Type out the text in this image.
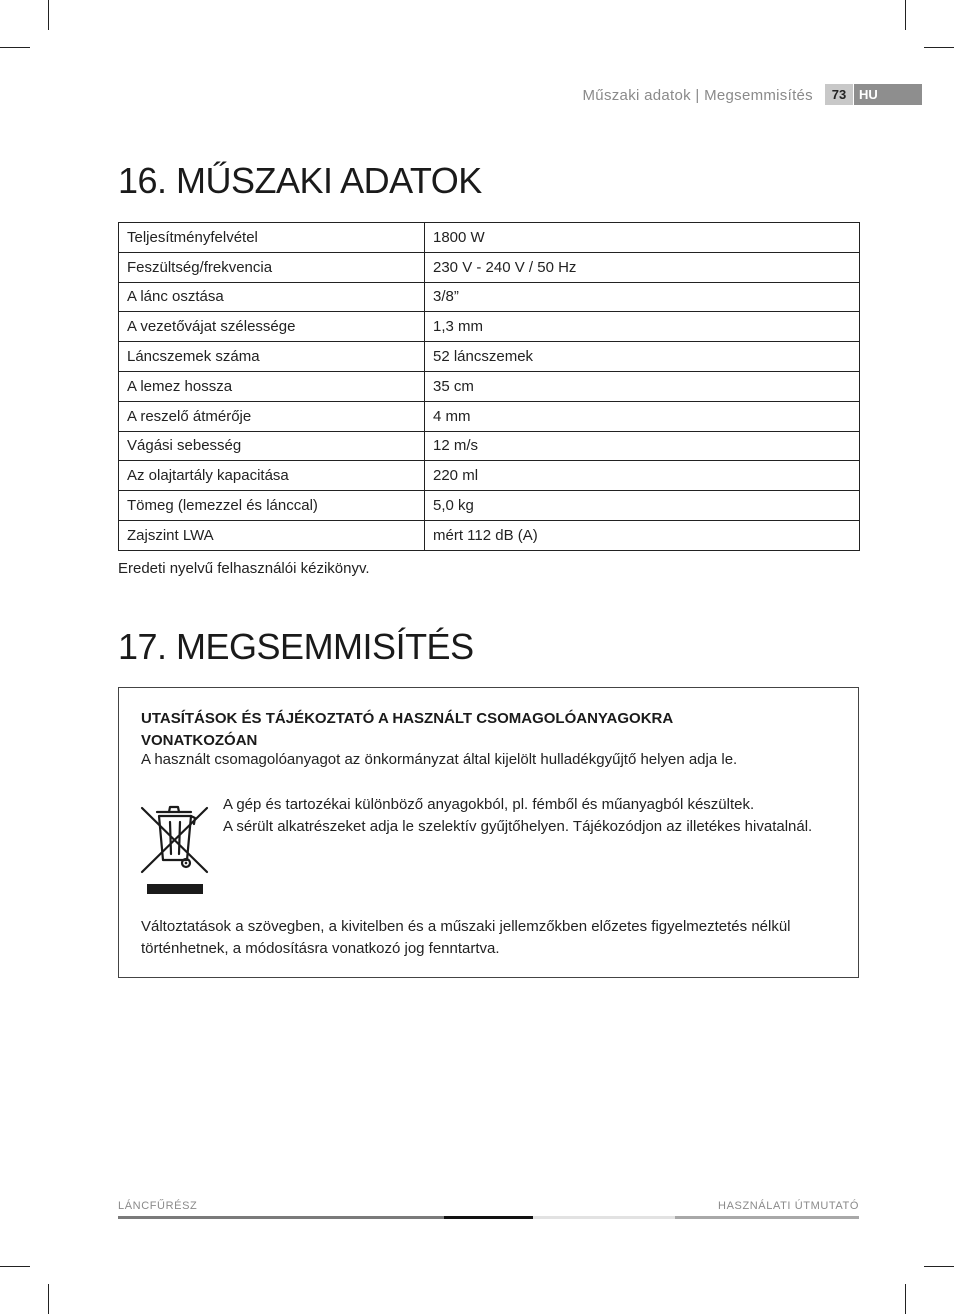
Műszaki adatok | Megsemmisítés	73 HU
16. MŰSZAKI ADATOK
Teljesítményfelvétel	1800 W
Feszültség/frekvencia	230 V - 240 V / 50 Hz
A lánc osztása	3/8”
A vezetővájat szélessége	1,3 mm
Láncszemek száma	52 láncszemek
A lemez hossza	35 cm
A reszelő átmérője	4 mm
Vágási sebesség	12 m/s
Az olajtartály kapacitása	220 ml
Tömeg (lemezzel és lánccal)	5,0 kg
Zajszint LWA	mért 112 dB (A)
Eredeti nyelvű felhasználói kézikönyv.
17. MEGSEMMISÍTÉS
UTASÍTÁSOK ÉS TÁJÉKOZTATÓ A HASZNÁLT CSOMAGOLÓANYAGOKRA VONATKOZÓAN
A használt csomagolóanyagot az önkormányzat által kijelölt hulladékgyűjtő helyen adja le.
A gép és tartozékai különböző anyagokból, pl. fémből és műanyagból készültek.
A sérült alkatrészeket adja le szelektív gyűjtőhelyen. Tájékozódjon az illetékes hivatalnál.
Változtatások a szövegben, a kivitelben és a műszaki jellemzőkben előzetes figyelmeztetés nélkül történhetnek, a módosításra vonatkozó jog fenntartva.
LÁNCFŰRÉSZ	HASZNÁLATI ÚTMUTATÓ
